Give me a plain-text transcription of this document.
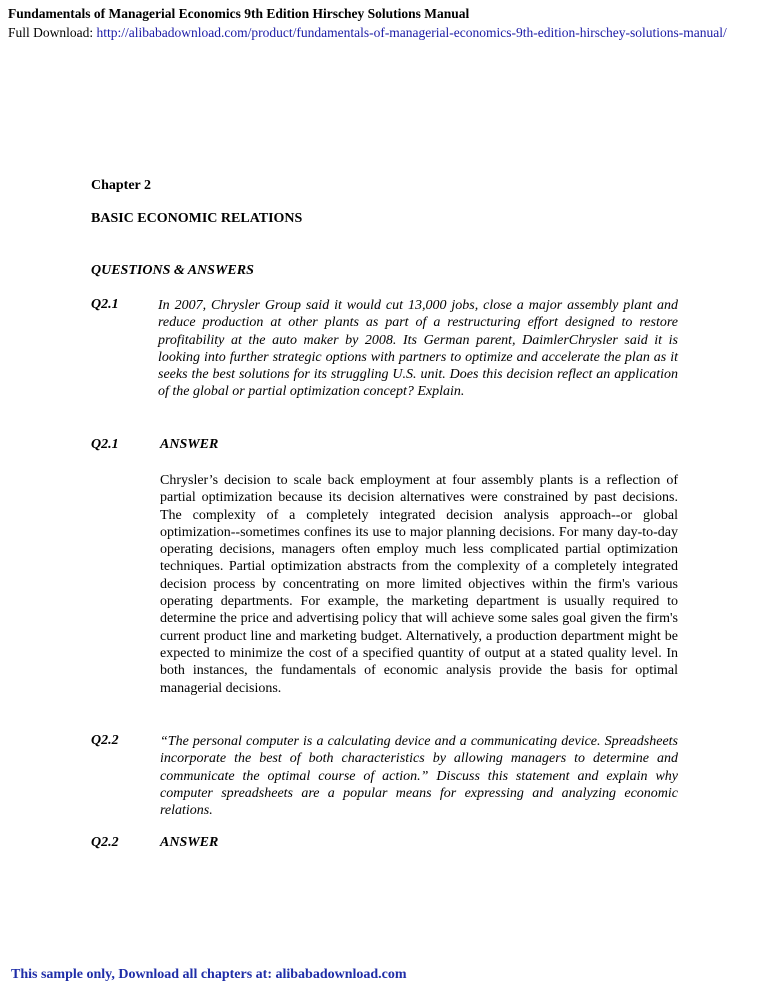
Fundamentals of Managerial Economics 9th Edition Hirschey Solutions Manual
Full Download: http://alibabadownload.com/product/fundamentals-of-managerial-economics-9th-edition-hirschey-solutions-manual/
Chapter 2
BASIC ECONOMIC RELATIONS
QUESTIONS & ANSWERS
Q2.1	In 2007, Chrysler Group said it would cut 13,000 jobs, close a major assembly plant and reduce production at other plants as part of a restructuring effort designed to restore profitability at the auto maker by 2008. Its German parent, DaimlerChrysler said it is looking into further strategic options with partners to optimize and accelerate the plan as it seeks the best solutions for its struggling U.S. unit. Does this decision reflect an application of the global or partial optimization concept? Explain.

Q2.1	ANSWER

Chrysler’s decision to scale back employment at four assembly plants is a reflection of partial optimization because its decision alternatives were constrained by past decisions. The complexity of a completely integrated decision analysis approach--or global optimization--sometimes confines its use to major planning decisions. For many day-to-day operating decisions, managers often employ much less complicated partial optimization techniques. Partial optimization abstracts from the complexity of a completely integrated decision process by concentrating on more limited objectives within the firm's various operating departments. For example, the marketing department is usually required to determine the price and advertising policy that will achieve some sales goal given the firm's current product line and marketing budget. Alternatively, a production department might be expected to minimize the cost of a specified quantity of output at a stated quality level. In both instances, the fundamentals of economic analysis provide the basis for optimal managerial decisions.

Q2.2	“The personal computer is a calculating device and a communicating device. Spreadsheets incorporate the best of both characteristics by allowing managers to determine and communicate the optimal course of action.” Discuss this statement and explain why computer spreadsheets are a popular means for expressing and analyzing economic relations.

Q2.2	ANSWER
This sample only, Download all chapters at: alibabadownload.com
